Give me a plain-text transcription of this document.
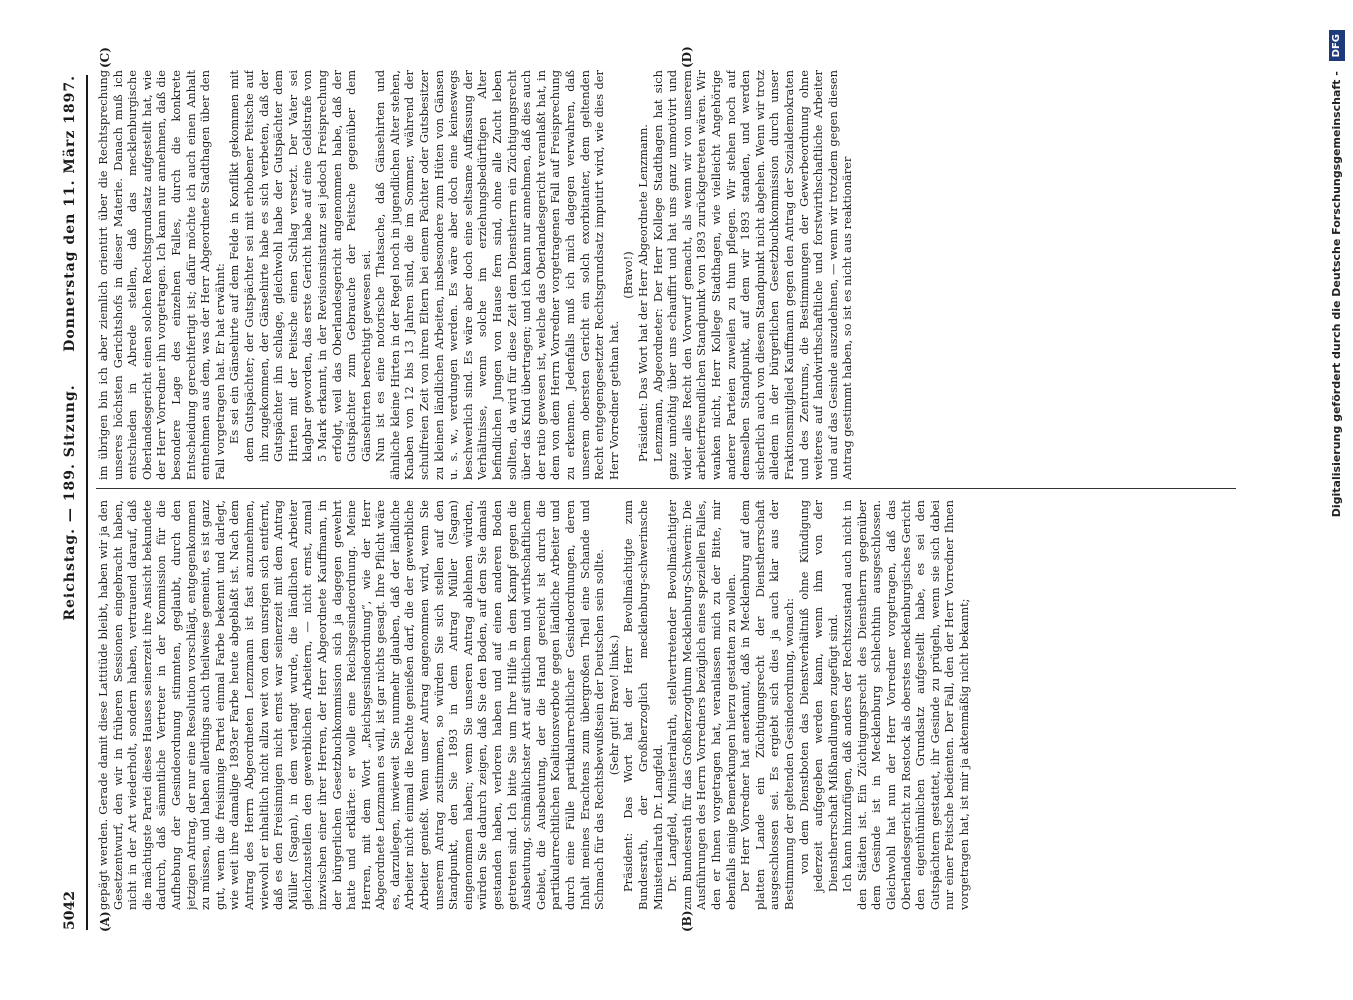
5042
Reichstag. — 189. Sitzung.
Donnerstag den 11. März 1897.
(A)	(B)
(C)	(D)

gepägt werden. Gerade damit diese Lattitüde bleibt, haben wir ja den Gesetzentwurf, den wir in früheren Sessionen eingebracht haben, nicht in der Art wiederholt, sondern haben, vertrauend darauf, daß die mächtigste Partei dieses Hauses seinerzeit ihre Ansicht bekundete dadurch, daß sämmtliche Vertreter in der Kommission für die Aufhebung der Gesindeordnung stimmten, geglaubt, durch den jetzigen Antrag, der nur eine Resolution vorschlägt, entgegenkommen zu müssen, und haben allerdings auch theilweise gemeint, es ist ganz gut, wenn die freisinnige Partei einmal Farbe bekennt und darlegt, wie weit ihre damalige 1893er Farbe heute abgeblaßt ist. Nach dem Antrag des Herrn Abgeordneten Lenzmann ist fast anzunehmen, wiewohl er inhaltlich nicht allzu weit von dem unsrigen sich entfernt, daß es den Freisinnigen nicht ernst war seinerzeit mit dem Antrag Müller (Sagan), in dem verlangt wurde, die ländlichen Arbeiter gleichzustellen den gewerblichen Arbeitern, — nicht ernst, zumal inzwischen einer ihrer Herren, der Herr Abgeordnete Kauffmann, in der bürgerlichen Gesetzbuchkommission sich ja dagegen gewehrt hatte und erklärte: er wolle eine Reichsgesindeordnung. Meine Herren, mit dem Wort „Reichsgesindeordnung“, wie der Herr Abgeordnete Lenzmann es will, ist gar nichts gesagt. Ihre Pflicht wäre es, darzulegen, inwieweit Sie nunmehr glauben, daß der ländliche Arbeiter nicht einmal die Rechte genießen darf, die der gewerbliche Arbeiter genießt. Wenn unser Antrag angenommen wird, wenn Sie unserem Antrag zustimmen, so würden Sie sich stellen auf den Standpunkt, den Sie 1893 in dem Antrag Müller (Sagan) eingenommen haben; wenn Sie unseren Antrag ablehnen würden, würden Sie dadurch zeigen, daß Sie den Boden, auf dem Sie damals gestanden haben, verloren haben und auf einen anderen Boden getreten sind. Ich bitte Sie um Ihre Hilfe in dem Kampf gegen die Ausbeutung, schmählichster Art auf sittlichem und wirthschaftlichem Gebiet, die Ausbeutung, der die Hand gereicht ist durch die partikularrechtlichen Koalitionsverbote gegen ländliche Arbeiter und durch eine Fülle partikularrechtlicher Gesindeordnungen, deren Inhalt meines Erachtens zum übergroßen Theil eine Schande und Schmach für das Rechtsbewußtsein der Deutschen sein sollte. (Sehr gut! Bravo! links.) Präsident: Das Wort hat der Herr Bevollmächtigte zum Bundesrath, der Großherzoglich mecklenburg-schwerinsche Ministerialrath Dr. Langfeld. Dr. Langfeld, Ministerialrath, stellvertretender Bevollmächtigter zum Bundesrath für das Großherzogthum Mecklenburg-Schwerin: Die Ausführungen des Herrn Vorredners bezüglich eines speziellen Falles, den er Ihnen vorgetragen hat, veranlassen mich zu der Bitte, mir ebenfalls einige Bemerkungen hierzu gestatten zu wollen. Der Herr Vorredner hat anerkannt, daß in Mecklenburg auf dem platten Lande ein Züchtigungsrecht der Dienstherrschaft ausgeschlossen sei. Es ergiebt sich dies ja auch klar aus der Bestimmung der geltenden Gesindeordnung, wonach: von dem Dienstboten das Dienstverhältniß ohne Kündigung jederzeit aufgegeben werden kann, wenn ihm von der Dienstherrschaft Mißhandlungen zugefügt sind. Ich kann hinzufügen, daß anders der Rechtszustand auch nicht in den Städten ist. Ein Züchtigungsrecht des Dienstherrn gegenüber dem Gesinde ist in Mecklenburg schlechthin ausgeschlossen. Gleichwohl hat nun der Herr Vorredner vorgetragen, daß das Oberlandesgericht zu Rostock als oberstes mecklenburgisches Gericht den eigenthümlichen Grundsatz aufgestellt habe, es sei den Gutspächtern gestattet, ihr Gesinde zu prügeln, wenn sie sich dabei nur einer Peitsche bedienten. Der Fall, den der Herr Vorredner Ihnen vorgetragen hat, ist mir ja aktenmäßig nicht bekannt;

im übrigen bin ich aber ziemlich orientirt über die Rechtsprechung unseres höchsten Gerichtshofs in dieser Materie. Danach muß ich entschieden in Abrede stellen, daß das mecklenburgische Oberlandesgericht einen solchen Rechtsgrundsatz aufgestellt hat, wie der Herr Vorredner ihn vorgetragen. Ich kann nur annehmen, daß die besondere Lage des einzelnen Falles, durch die konkrete Entscheidung gerechtfertigt ist; dafür möchte ich auch einen Anhalt entnehmen aus dem, was der Herr Abgeordnete Stadthagen über den Fall vorgetragen hat. Er hat erwähnt: Es sei ein Gänsehirte auf dem Felde in Konflikt gekommen mit dem Gutspächter; der Gutspächter sei mit erhobener Peitsche auf ihn zugekommen, der Gänsehirte habe es sich verbeten, daß der Gutspächter ihn schlage, gleichwohl habe der Gutspächter dem Hirten mit der Peitsche einen Schlag versetzt. Der Vater sei klagbar geworden, das erste Gericht habe auf eine Geldstrafe von 5 Mark erkannt, in der Revisionsinstanz sei jedoch Freisprechung erfolgt, weil das Oberlandesgericht angenommen habe, daß der Gutspächter zum Gebrauche der Peitsche gegenüber dem Gänsehirten berechtigt gewesen sei. Nun ist es eine notorische Thatsache, daß Gänsehirten und ähnliche kleine Hirten in der Regel noch in jugendlichen Alter stehen, Knaben von 12 bis 13 Jahren sind, die im Sommer, während der schulfreien Zeit von ihren Eltern bei einem Pächter oder Gutsbesitzer zu kleinen ländlichen Arbeiten, insbesondere zum Hüten von Gänsen u. s. w., verdungen werden. Es wäre aber doch eine keineswegs beschwerlich sind. Es wäre aber doch eine seltsame Auffassung der Verhältnisse, wenn solche im erziehungsbedürftigen Alter befindlichen Jungen von Hause fern sind, ohne alle Zucht leben sollten, da wird für diese Zeit dem Dienstherrn ein Züchtigungsrecht über das Kind übertragen; und ich kann nur annehmen, daß dies auch der ratio gewesen ist, welche das Oberlandesgericht veranlaßt hat, in dem von dem Herrn Vorredner vorgetragenen Fall auf Freisprechung zu erkennen. Jedenfalls muß ich mich dagegen verwahren, daß unserem obersten Gericht ein solch exorbitanter, dem geltenden Recht entgegengesetzter Rechtsgrundsatz imputirt wird, wie dies der Herr Vorredner gethan hat.

(Bravo!) Präsident: Das Wort hat der Herr Abgeordnete Lenzmann. Lenzmann, Abgeordneter: Der Herr Kollege Stadthagen hat sich ganz unnöthig über uns echauffirt und hat uns ganz unmotivirt und wider alles Recht den Vorwurf gemacht, als wenn wir von unserem arbeiterfreundlichen Standpunkt von 1893 zurückgetreten wären. Wir wanken nicht, Herr Kollege Stadthagen, wie vielleicht Angehörige anderer Parteien zuweilen zu thun pflegen. Wir stehen noch auf demselben Standpunkt, auf dem wir 1893 standen, und werden sicherlich auch von diesem Standpunkt nicht abgehen. Wenn wir trotz alledem in der bürgerlichen Gesetzbuchkommission durch unser Fraktionsmitglied Kauffmann gegen den Antrag der Sozialdemokraten und des Zentrums, die Bestimmungen der Gewerbeordnung ohne weiteres auf landwirthschaftliche und forstwirthschaftliche Arbeiter und auf das Gesinde auszudehnen, — wenn wir trotzdem gegen diesen Antrag gestimmt haben, so ist es nicht aus reaktionärer	Digitalisierung gefördert durch die Deutsche Forschungsgemeinschaft - DFG
